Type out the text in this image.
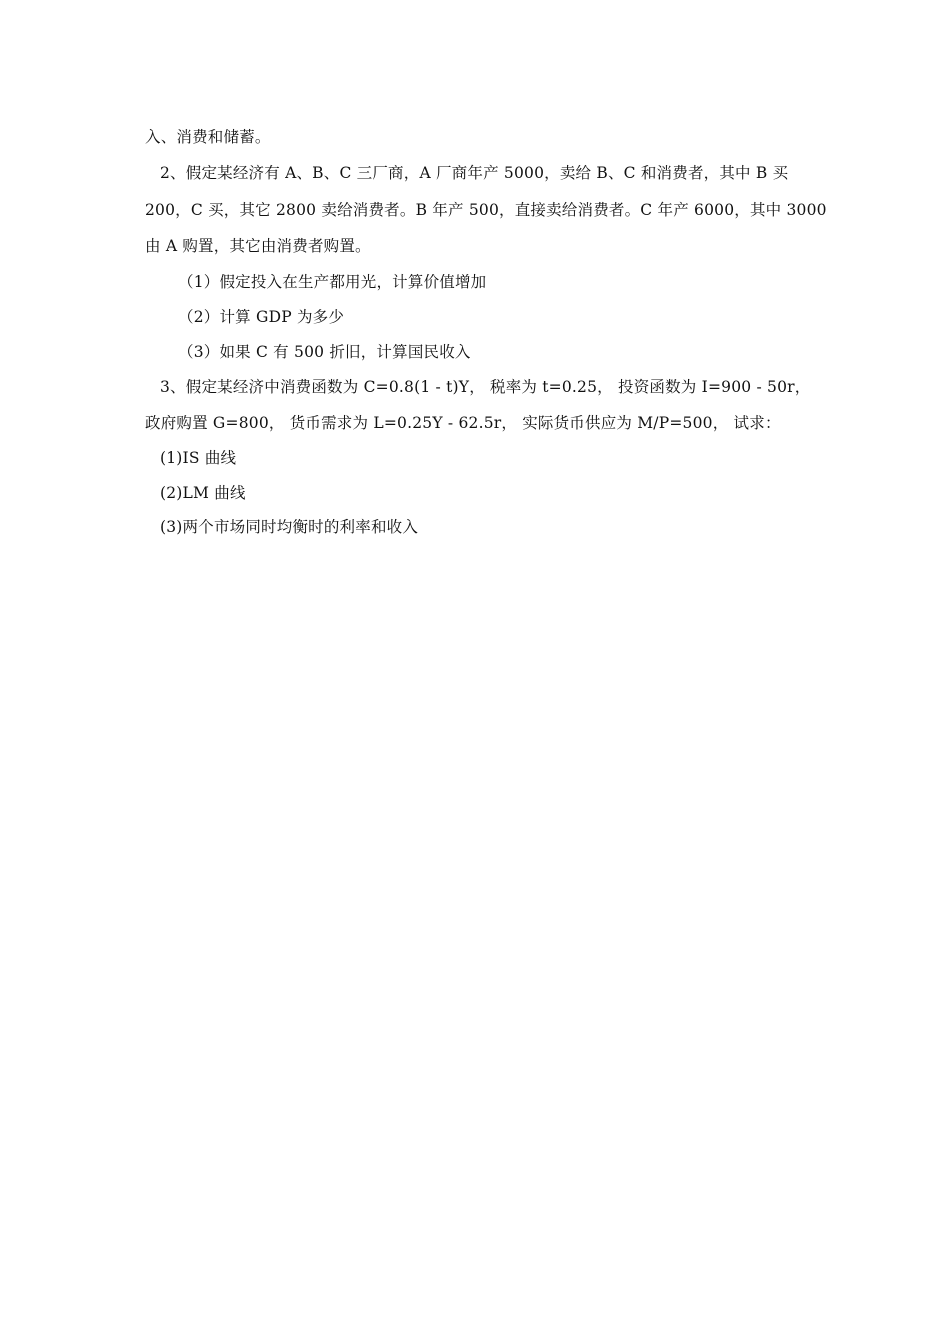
入、消费和储蓄。
2、假定某经济有 A、B、C 三厂商，A 厂商年产 5000，卖给 B、C 和消费者，其中 B 买
200，C 买，其它 2800 卖给消费者。B 年产 500，直接卖给消费者。C 年产 6000，其中 3000
由 A 购置，其它由消费者购置。
（1）假定投入在生产都用光，计算价值增加
（2）计算 GDP 为多少
（3）如果 C 有 500 折旧，计算国民收入
3、假定某经济中消费函数为 C=0.8(1 - t)Y， 税率为 t=0.25， 投资函数为 I=900 - 50r，
政府购置 G=800， 货币需求为 L=0.25Y - 62.5r， 实际货币供应为 M/P=500， 试求：
(1)IS 曲线
(2)LM 曲线
(3)两个市场同时均衡时的利率和收入
